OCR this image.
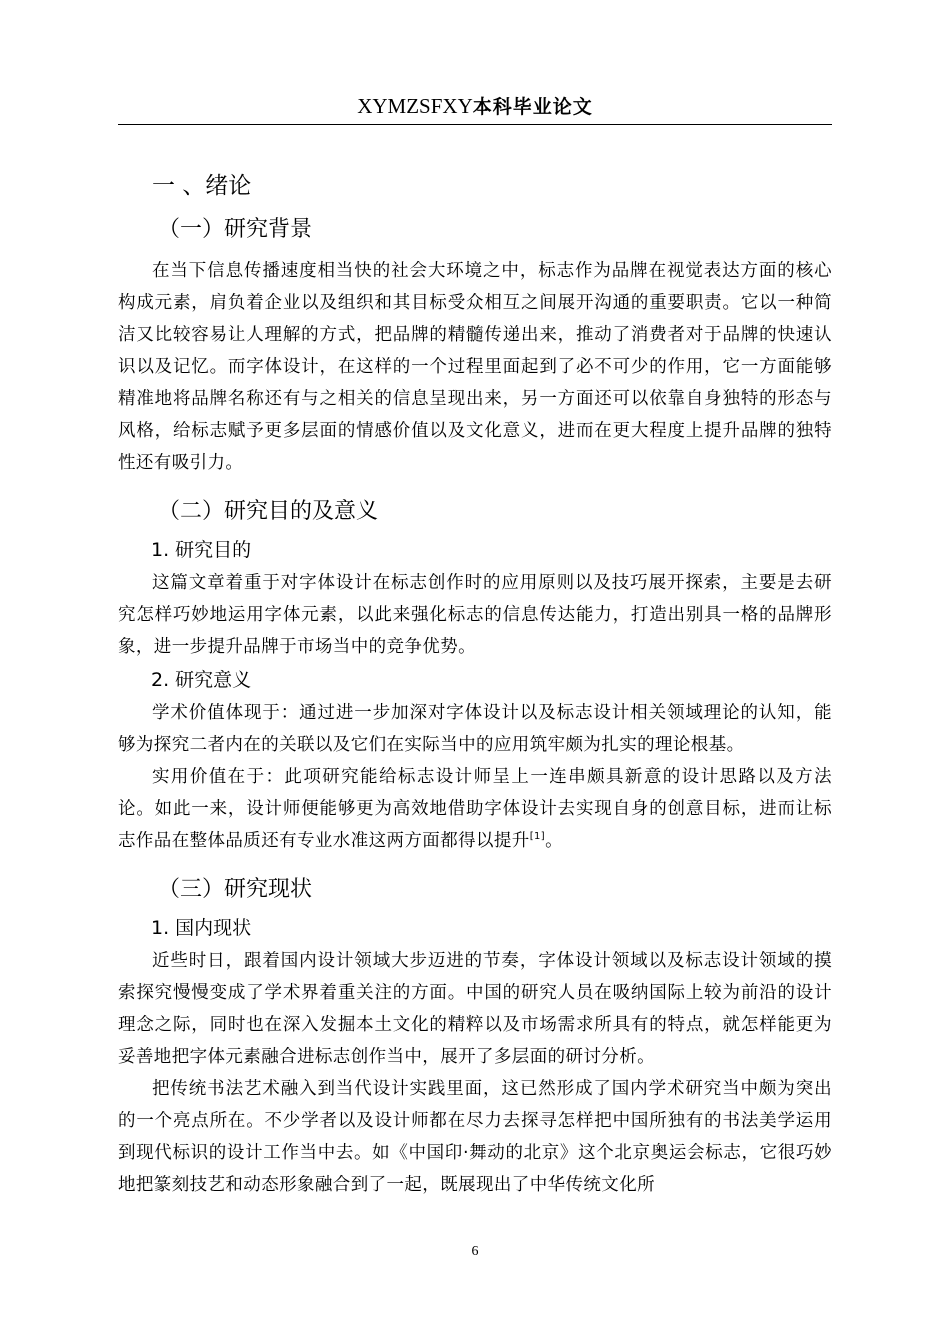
XYMZSFXY本科毕业论文
一 、绪论
（一）研究背景

在当下信息传播速度相当快的社会大环境之中，标志作为品牌在视觉表达方面的核心构成元素，肩负着企业以及组织和其目标受众相互之间展开沟通的重要职责。它以一种简洁又比较容易让人理解的方式，把品牌的精髓传递出来，推动了消费者对于品牌的快速认识以及记忆。而字体设计，在这样的一个过程里面起到了必不可少的作用，它一方面能够精准地将品牌名称还有与之相关的信息呈现出来，另一方面还可以依靠自身独特的形态与风格，给标志赋予更多层面的情感价值以及文化意义，进而在更大程度上提升品牌的独特性还有吸引力。

（二）研究目的及意义
1. 研究目的

这篇文章着重于对字体设计在标志创作时的应用原则以及技巧展开探索，主要是去研究怎样巧妙地运用字体元素，以此来强化标志的信息传达能力，打造出别具一格的品牌形象，进一步提升品牌于市场当中的竞争优势。

2. 研究意义

学术价值体现于：通过进一步加深对字体设计以及标志设计相关领域理论的认知，能够为探究二者内在的关联以及它们在实际当中的应用筑牢颇为扎实的理论根基。

实用价值在于：此项研究能给标志设计师呈上一连串颇具新意的设计思路以及方法论。如此一来，设计师便能够更为高效地借助字体设计去实现自身的创意目标，进而让标志作品在整体品质还有专业水准这两方面都得以提升[1]。

（三）研究现状
1. 国内现状

近些时日，跟着国内设计领域大步迈进的节奏，字体设计领域以及标志设计领域的摸索探究慢慢变成了学术界着重关注的方面。中国的研究人员在吸纳国际上较为前沿的设计理念之际，同时也在深入发掘本土文化的精粹以及市场需求所具有的特点，就怎样能更为妥善地把字体元素融合进标志创作当中，展开了多层面的研讨分析。

把传统书法艺术融入到当代设计实践里面，这已然形成了国内学术研究当中颇为突出的一个亮点所在。不少学者以及设计师都在尽力去探寻怎样把中国所独有的书法美学运用到现代标识的设计工作当中去。如《中国印·舞动的北京》这个北京奥运会标志，它很巧妙地把篆刻技艺和动态形象融合到了一起，既展现出了中华传统文化所

6
